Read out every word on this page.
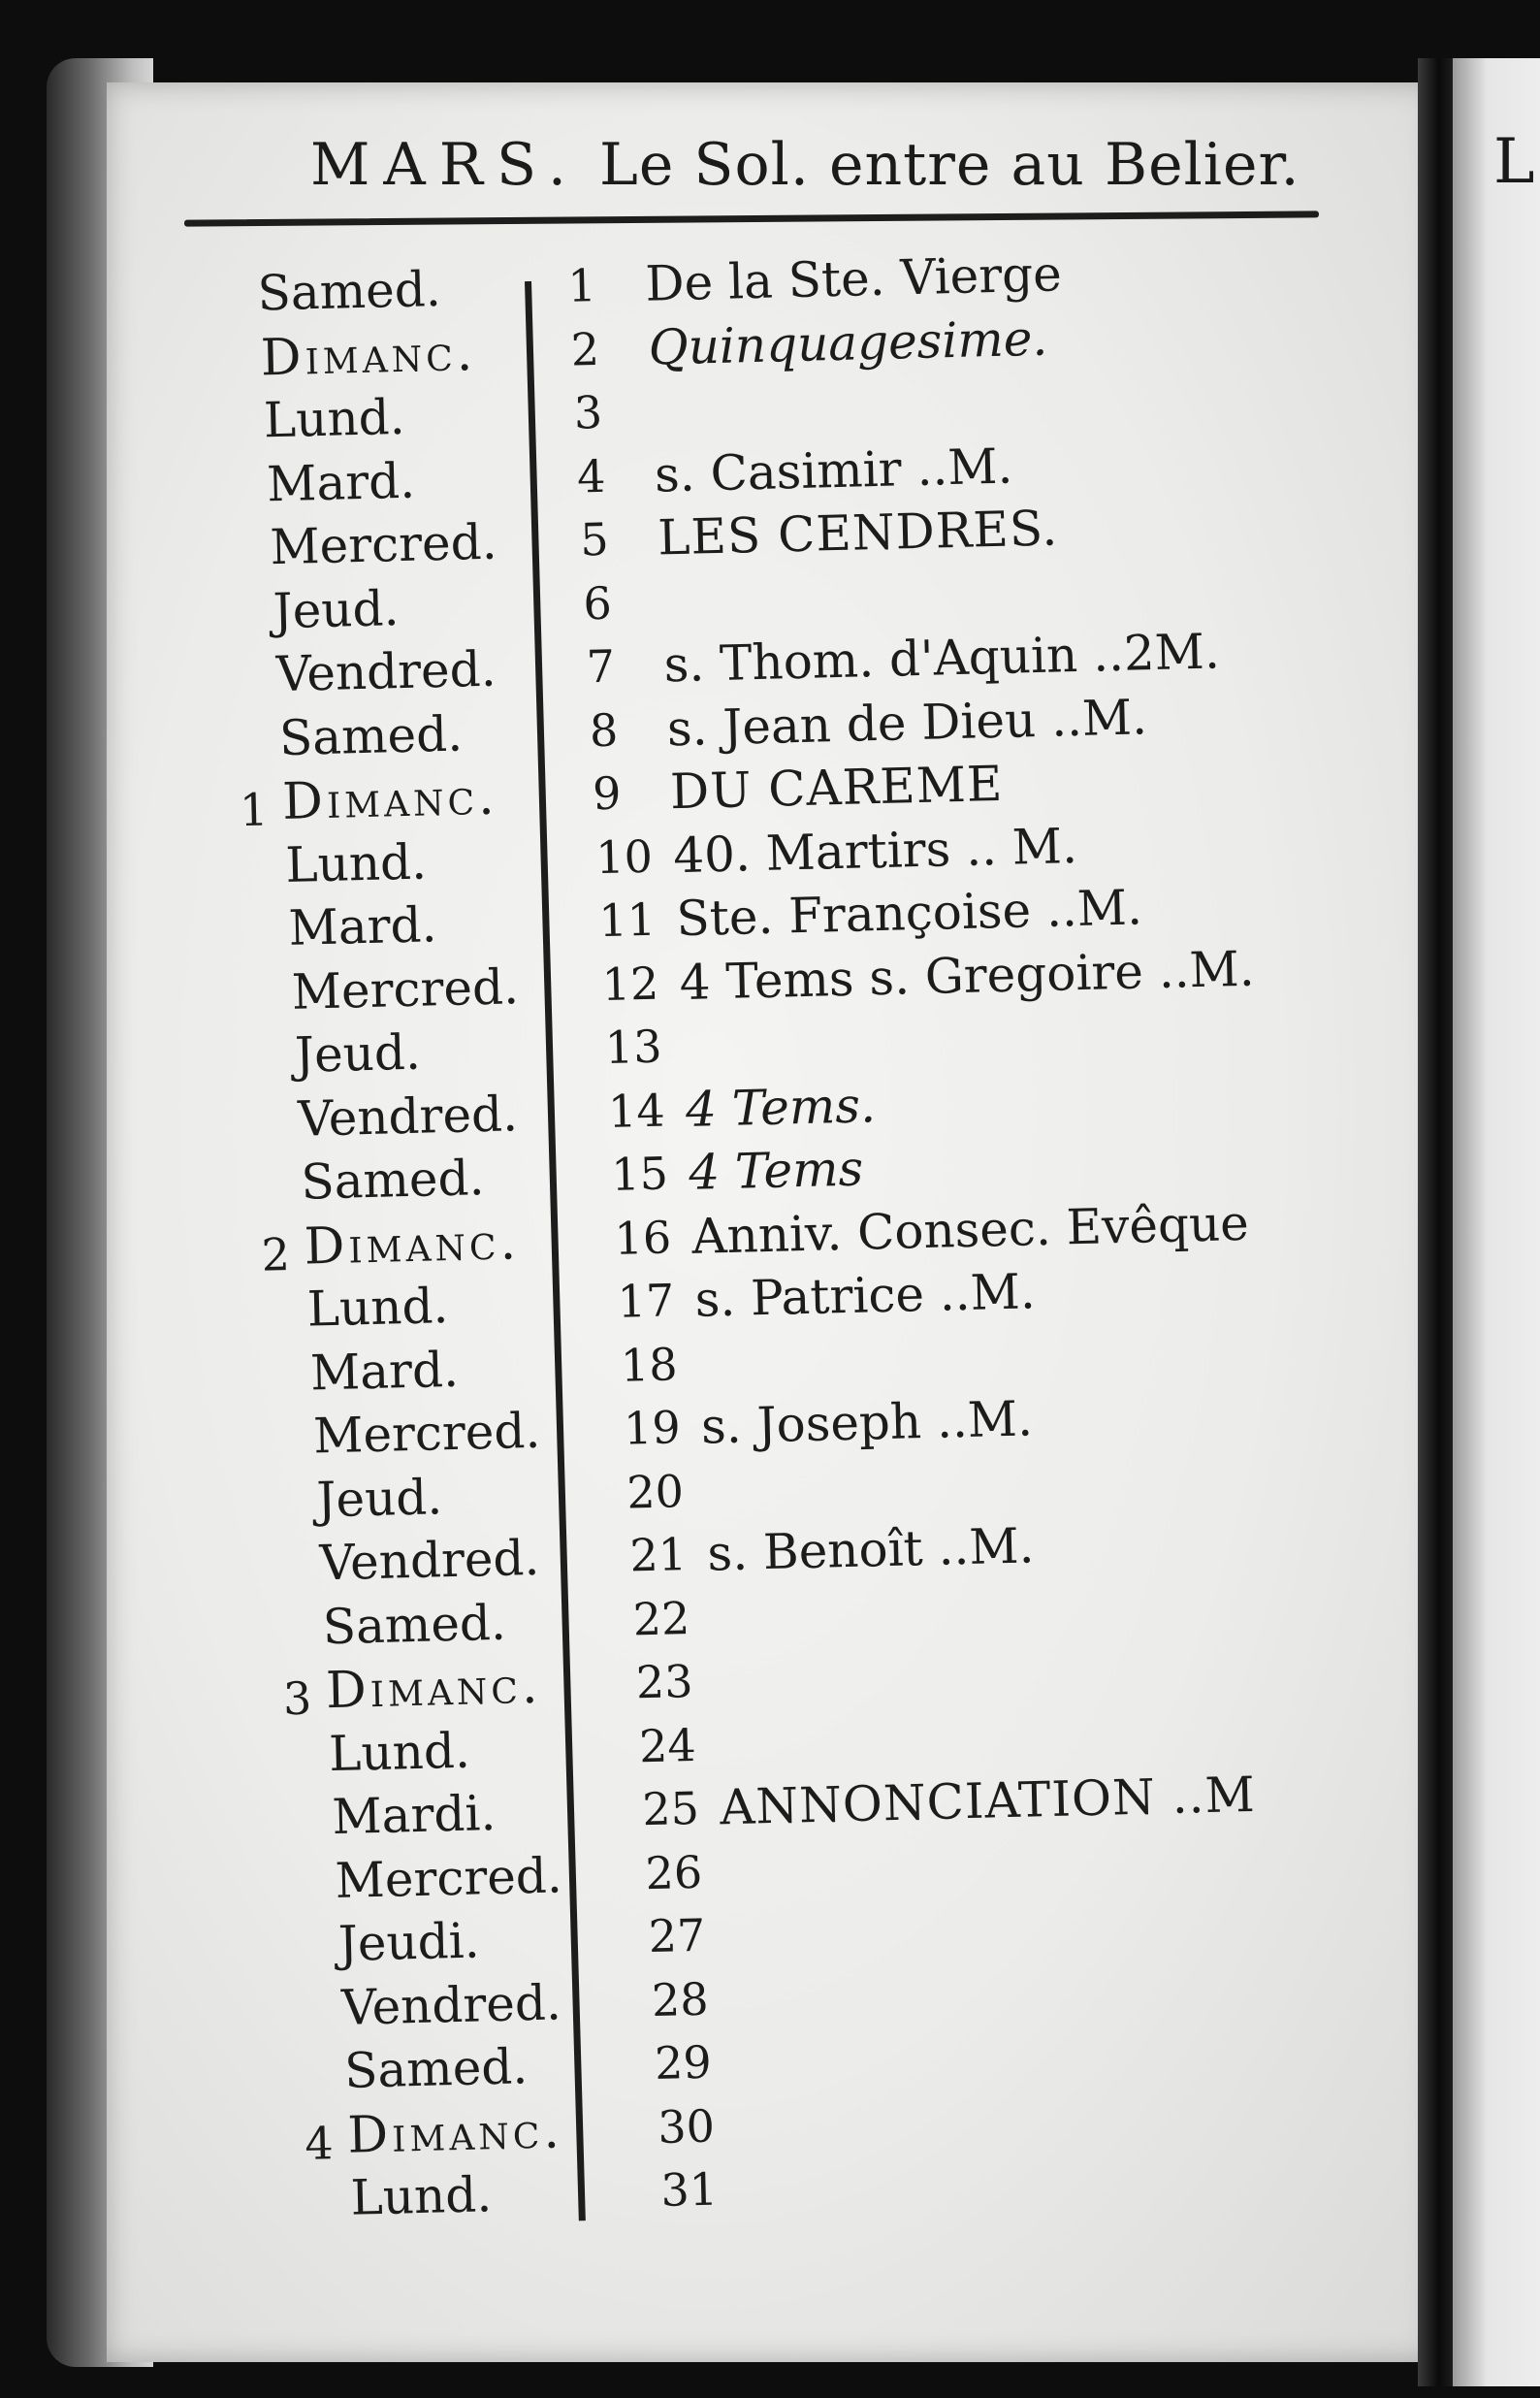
L
MARS. Le Sol. entre au Belier.
Samed.	1 De la Ste. Vierge
Dimanc. 2 Quinquagesime.
Lund.	3
Mard.	4 s. Casimir ..M.
Mercred. 5 LES CENDRES.
Jeud.	6
Vendred. 7 s. Thom. d'Aquin ..2M.
Samed.	8 s. Jean de Dieu ..M.
1 Dimanc. 9 DU CAREME
Lund.	10 40. Martirs .. M.
Mard.	11 Ste. Françoise ..M.
Mercred. 12 4 Tems s. Gregoire ..M.
Jeud.	13
Vendred. 14 4 Tems.
Samed.	15 4 Tems
2 Dimanc. 16 Anniv. Consec. Evêque
Lund.	17 s. Patrice ..M.
Mard.	18
Mercred. 19 s. Joseph ..M.
Jeud.	20
Vendred. 21 s. Benoît ..M.
Samed.	22
3 Dimanc. 23
Lund.	24
Mardi.	25 ANNONCIATION ..M
Mercred. 26
Jeudi.	27
Vendred. 28
Samed.	29
4 Dimanc. 30
Lund.	31
